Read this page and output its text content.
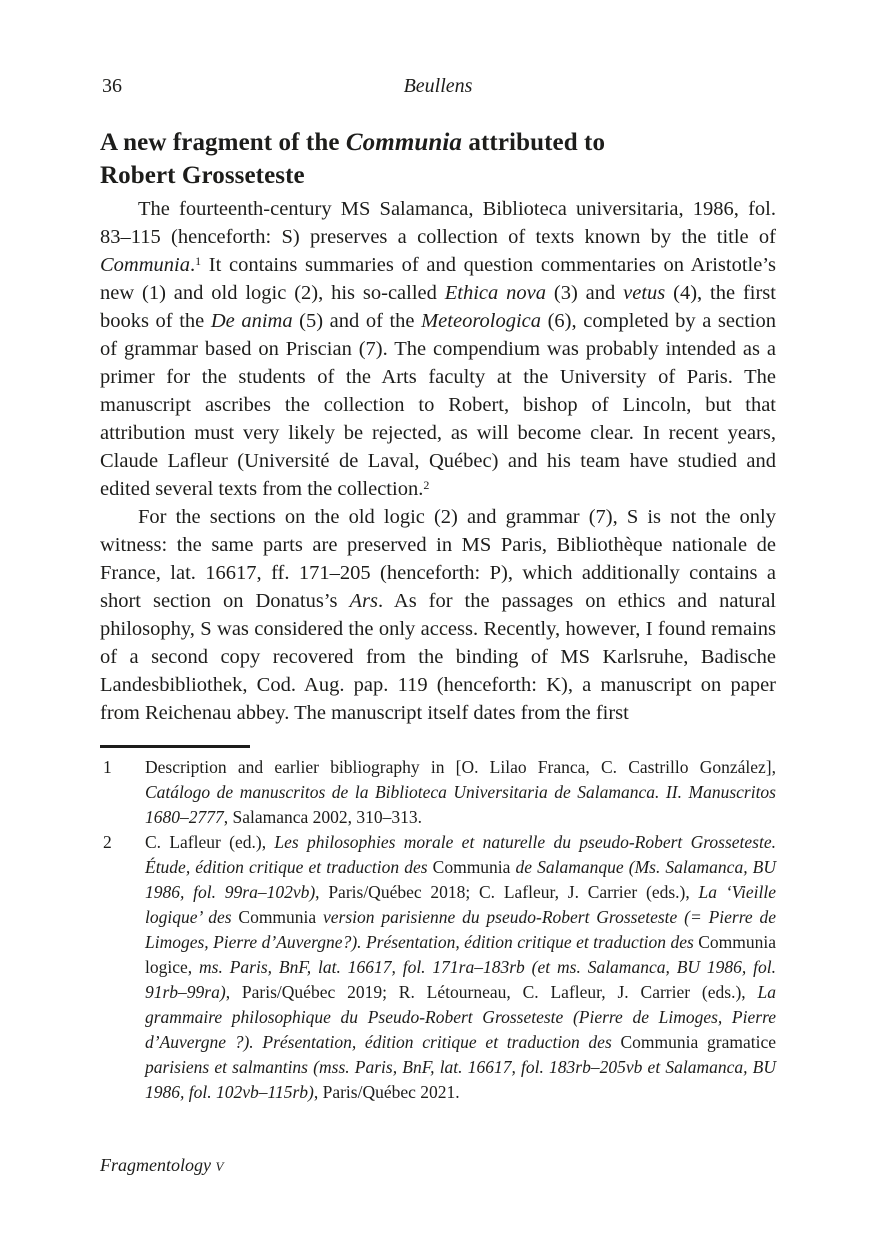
36	Beullens
A new fragment of the Communia attributed to
Robert Grosseteste

The fourteenth-century MS Salamanca, Biblioteca universitaria, 1986, fol. 83–115 (henceforth: S) preserves a collection of texts known by the title of Communia.$^1$ It contains summaries of and question commentaries on Aristotle’s new (1) and old logic (2), his so-called Ethica nova (3) and vetus (4), the first books of the De anima (5) and of the Meteorologica (6), completed by a section of grammar based on Priscian (7). The compendium was probably intended as a primer for the students of the Arts faculty at the University of Paris. The manuscript ascribes the collection to Robert, bishop of Lincoln, but that attribution must very likely be rejected, as will become clear. In recent years, Claude Lafleur (Université de Laval, Québec) and his team have studied and edited several texts from the collection.$^2$

For the sections on the old logic (2) and grammar (7), S is not the only witness: the same parts are preserved in MS Paris, Bibliothèque nationale de France, lat. 16617, ff. 171–205 (henceforth: P), which additionally contains a short section on Donatus’s Ars. As for the passages on ethics and natural philosophy, S was considered the only access. Recently, however, I found remains of a second copy recovered from the binding of MS Karlsruhe, Badische Landesbibliothek, Cod. Aug. pap. 119 (henceforth: K), a manuscript on paper from Reichenau abbey. The manuscript itself dates from the first

1 Description and earlier bibliography in [O. Lilao Franca, C. Castrillo González], Catálogo de manuscritos de la Biblioteca Universitaria de Salamanca. II. Manuscritos 1680–2777, Salamanca 2002, 310–313.
2 C. Lafleur (ed.), Les philosophies morale et naturelle du pseudo-Robert Grosseteste. Étude, édition critique et traduction des Communia de Salamanque (Ms. Salamanca, BU 1986, fol. 99ra–102vb), Paris/Québec 2018; C. Lafleur, J. Carrier (eds.), La ‘Vieille logique’ des Communia version parisienne du pseudo-Robert Grosseteste (= Pierre de Limoges, Pierre d’Auvergne?). Présentation, édition critique et traduction des Communia logice, ms. Paris, BnF, lat. 16617, fol. 171ra–183rb (et ms. Salamanca, BU 1986, fol. 91rb–99ra), Paris/Québec 2019; R. Létourneau, C. Lafleur, J. Carrier (eds.), La grammaire philosophique du Pseudo-Robert Grosseteste (Pierre de Limoges, Pierre d’Auvergne ?). Présentation, édition critique et traduction des Communia gramatice parisiens et salmantins (mss. Paris, BnF, lat. 16617, fol. 183rb–205vb et Salamanca, BU 1986, fol. 102vb–115rb), Paris/Québec 2021.
Fragmentology v
